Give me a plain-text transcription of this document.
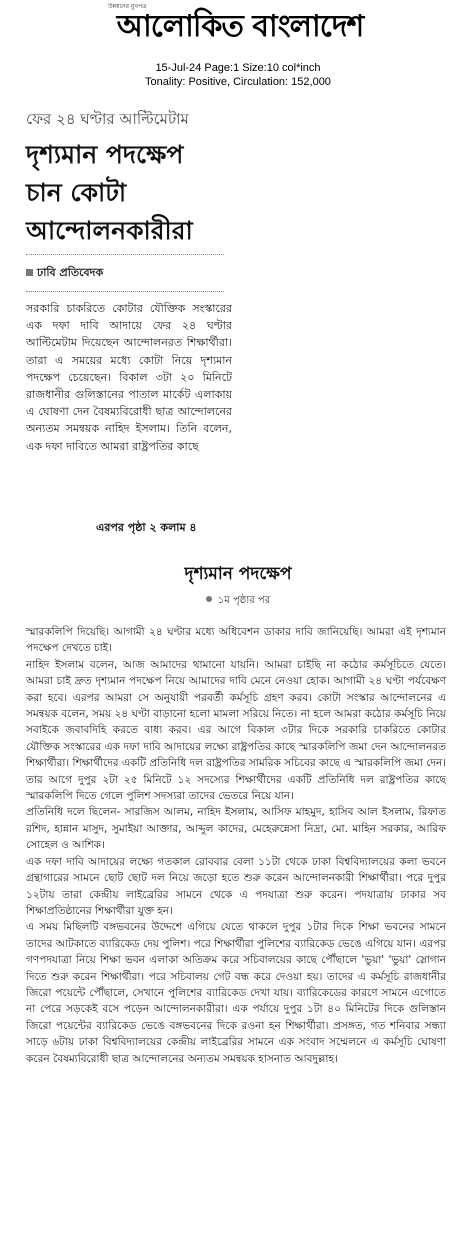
উন্নয়নের মুখপত্র
আলোকিত বাংলাদেশ
15-Jul-24 Page:1 Size:10 col*inch
Tonality: Positive, Circulation: 152,000
ফের ২৪ ঘণ্টার আল্টিমেটাম
দৃশ্যমান পদক্ষেপ
চান কোটা
আন্দোলনকারীরা
ঢাবি প্রতিবেদক
সরকারি চাকরিতে কোটার যৌক্তিক সংস্কারের এক দফা দাবি আদায়ে ফের ২৪ ঘণ্টার আল্টিমেটাম দিয়েছেন আন্দোলনরত শিক্ষার্থীরা। তারা এ সময়ের মধ্যে কোটা নিয়ে দৃশ্যমান পদক্ষেপ চেয়েছেন। বিকাল ৩টা ২০ মিনিটে রাজধানীর গুলিস্তানের পাতাল মার্কেট এলাকায় এ ঘোষণা দেন বৈষম্যবিরোধী ছাত্র আন্দোলনের অন্যতম সমন্বয়ক নাহিদ ইসলাম। তিনি বলেন, এক দফা দাবিতে আমরা রাষ্ট্রপতির কাছে
এরপর পৃষ্ঠা ২ কলাম ৪
দৃশ্যমান পদক্ষেপ
১ম পৃষ্ঠার পর

স্মারকলিপি দিয়েছি। আগামী ২৪ ঘণ্টার মধ্যে অধিবেশন ডাকার দাবি জানিয়েছি। আমরা এই দৃশ্যমান পদক্ষেপ দেখতে চাই।

নাহিদ ইসলাম বলেন, আজ আমাদের থামানো যায়নি। আমরা চাইছি না কঠোর কর্মসূচিতে যেতে। আমরা চাই দ্রুত দৃশ্যমান পদক্ষেপ নিয়ে আমাদের দাবি মেনে নেওয়া হোক। আগামী ২৪ ঘণ্টা পর্যবেক্ষণ করা হবে। এরপর আমরা সে অনুযায়ী পরবর্তী কর্মসূচি গ্রহণ করব। কোটা সংস্কার আন্দোলনের এ সমন্বয়ক বলেন, সময় ২৪ ঘণ্টা বাড়ানো হলো মামলা সরিয়ে নিতে। না হলে আমরা কঠোর কর্মসূচি নিয়ে সবাইকে জবাবদিহি করতে বাধ্য করব। এর আগে বিকাল ৩টার দিকে সরকারি চাকরিতে কোটার যৌক্তিক সংস্কারের এক দফা দাবি আদায়ের লক্ষ্যে রাষ্ট্রপতির কাছে স্মারকলিপি জমা দেন আন্দোলনরত শিক্ষার্থীরা। শিক্ষার্থীদের একটি প্রতিনিধি দল রাষ্ট্রপতির সামরিক সচিবের কাছে এ স্মারকলিপি জমা দেন। তার আগে দুপুর ২টা ২৫ মিনিটে ১২ সদস্যের শিক্ষার্থীদের একটি প্রতিনিধি দল রাষ্ট্রপতির কাছে স্মারকলিপি দিতে গেলে পুলিশ সদস্যরা তাদের ভেতরে নিয়ে যান।

প্রতিনিধি দলে ছিলেন- সারজিস আলম, নাহিদ ইসলাম, আসিফ মাহমুদ, হাসিব আল ইসলাম, রিফাত রশিদ, হান্নান মাসুদ, সুমাইয়া আক্তার, আব্দুল কাদের, মেহেরুন্নেসা নিদ্রা, মো. মাহিন সরকার, আরিফ সোহেল ও আশিক।

এক দফা দাবি আদায়ের লক্ষ্যে গতকাল রোববার বেলা ১১টা থেকে ঢাকা বিশ্ববিদ্যালয়ের কলা ভবনে গ্রন্থাগারের সামনে ছোট ছোট দল নিয়ে জড়ো হতে শুরু করেন আন্দোলনকারী শিক্ষার্থীরা। পরে দুপুর ১২টায় তারা কেন্দ্রীয় লাইব্রেরির সামনে থেকে এ পদযাত্রা শুরু করেন। পদযাত্রায় ঢাকার সব শিক্ষাপ্রতিষ্ঠানের শিক্ষার্থীরা যুক্ত হন।

এ সময় মিছিলটি বঙ্গভবনের উদ্দেশে এগিয়ে যেতে থাকলে দুপুর ১টার দিকে শিক্ষা ভবনের সামনে তাদের আটকাতে ব্যারিকেড দেয় পুলিশ। পরে শিক্ষার্থীরা পুলিশের ব্যারিকেড ভেঙে এগিয়ে যান। এরপর গণপদযাত্রা নিয়ে শিক্ষা ভবন এলাকা অতিক্রম করে সচিবালয়ের কাছে পৌঁছালে 'ভুয়া' 'ভুয়া' স্লোগান দিতে শুরু করেন শিক্ষার্থীরা। পরে সচিবালয় গেট বন্ধ করে দেওয়া হয়। তাদের এ কর্মসূচি রাজধানীর জিরো পয়েন্টে পৌঁছালে, সেখানে পুলিশের ব্যারিকেড দেখা যায়। ব্যারিকেডের কারণে সামনে এগোতে না পেরে সড়কেই বসে পড়েন আন্দোলনকারীরা। এক পর্যায়ে দুপুর ১টা ৪০ মিনিটের দিকে গুলিস্তান জিরো পয়েন্টের ব্যারিকেড ভেঙে বঙ্গভবনের দিকে রওনা হন শিক্ষার্থীরা। প্রসঙ্গত, গত শনিবার সন্ধ্যা সাড়ে ৬টায় ঢাকা বিশ্ববিদ্যালয়ের কেন্দ্রীয় লাইব্রেরির সামনে এক সংবাদ সম্মেলনে এ কর্মসূচি ঘোষণা করেন বৈষম্যবিরোধী ছাত্র আন্দোলনের অন্যতম সমন্বয়ক হাসনাত আবদুল্লাহ।
